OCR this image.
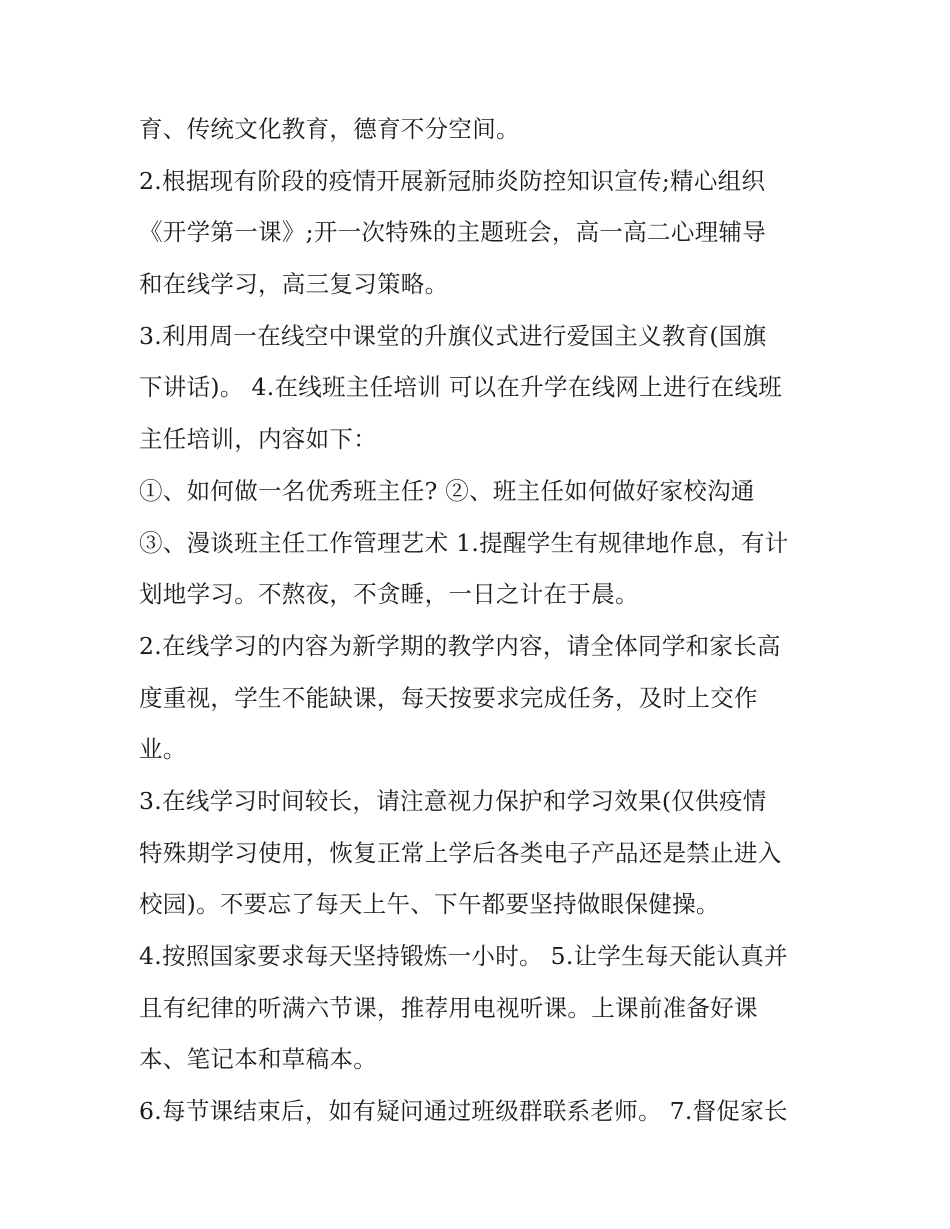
育、传统文化教育，德育不分空间。
2.根据现有阶段的疫情开展新冠肺炎防控知识宣传;精心组织
《开学第一课》;开一次特殊的主题班会，高一高二心理辅导
和在线学习，高三复习策略。
3.利用周一在线空中课堂的升旗仪式进行爱国主义教育(国旗
下讲话)。 4.在线班主任培训 可以在升学在线网上进行在线班
主任培训，内容如下：
①、如何做一名优秀班主任? ②、班主任如何做好家校沟通
③、漫谈班主任工作管理艺术 1.提醒学生有规律地作息，有计
划地学习。不熬夜，不贪睡，一日之计在于晨。
2.在线学习的内容为新学期的教学内容，请全体同学和家长高
度重视，学生不能缺课，每天按要求完成任务，及时上交作
业。
3.在线学习时间较长，请注意视力保护和学习效果(仅供疫情
特殊期学习使用，恢复正常上学后各类电子产品还是禁止进入
校园)。不要忘了每天上午、下午都要坚持做眼保健操。
4.按照国家要求每天坚持锻炼一小时。 5.让学生每天能认真并
且有纪律的听满六节课，推荐用电视听课。上课前准备好课
本、笔记本和草稿本。
6.每节课结束后，如有疑问通过班级群联系老师。 7.督促家长
